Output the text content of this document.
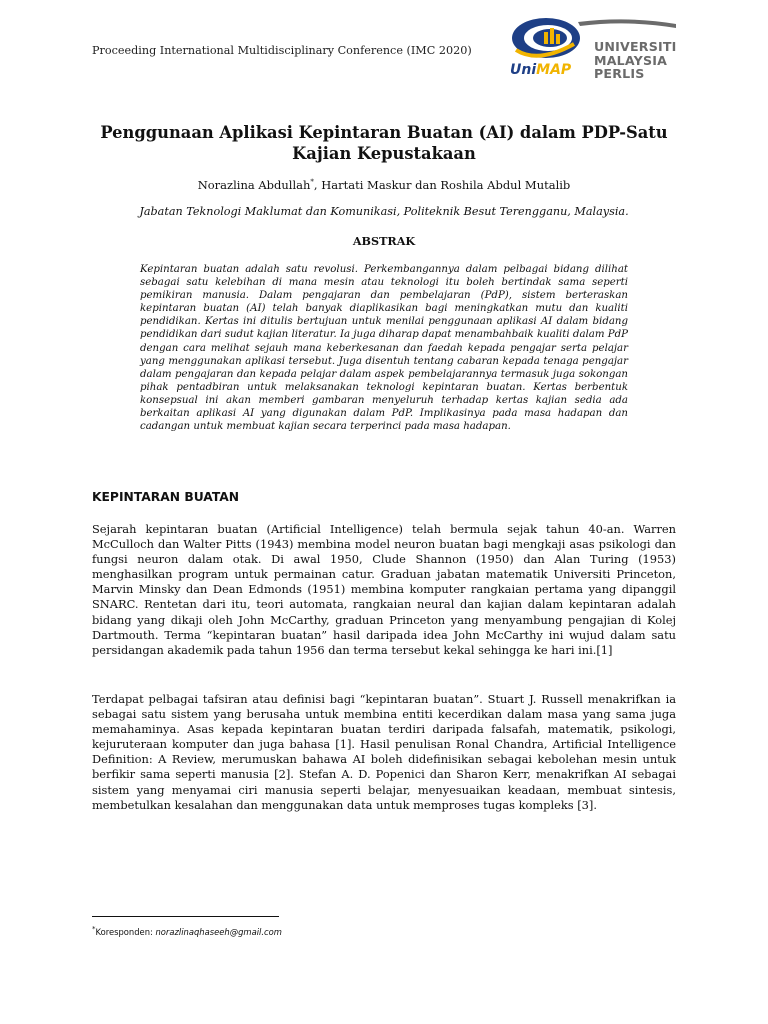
Proceeding International Multidisciplinary Conference (IMC 2020)
UniMAP
UNIVERSITI
MALAYSIA
PERLIS
Penggunaan Aplikasi Kepintaran Buatan (AI) dalam PDP-Satu Kajian Kepustakaan
Norazlina Abdullah*, Hartati Maskur dan Roshila Abdul Mutalib
Jabatan Teknologi Maklumat dan Komunikasi, Politeknik Besut Terengganu, Malaysia.
ABSTRAK
Kepintaran buatan adalah satu revolusi. Perkembangannya dalam pelbagai bidang dilihat sebagai satu kelebihan di mana mesin atau teknologi itu boleh bertindak sama seperti pemikiran manusia. Dalam pengajaran dan pembelajaran (PdP), sistem berteraskan kepintaran buatan (AI) telah banyak diaplikasikan bagi meningkatkan mutu dan kualiti pendidikan. Kertas ini ditulis bertujuan untuk menilai penggunaan aplikasi AI dalam bidang pendidikan dari sudut kajian literatur. Ia juga diharap dapat menambahbaik kualiti dalam PdP dengan cara melihat sejauh mana keberkesanan dan faedah kepada pengajar serta pelajar yang menggunakan aplikasi tersebut. Juga disentuh tentang cabaran kepada tenaga pengajar dalam pengajaran dan kepada pelajar dalam aspek pembelajarannya termasuk juga sokongan pihak pentadbiran untuk melaksanakan teknologi kepintaran buatan. Kertas berbentuk konsepsual ini akan memberi gambaran menyeluruh terhadap kertas kajian sedia ada berkaitan aplikasi AI yang digunakan dalam PdP. Implikasinya pada masa hadapan dan cadangan untuk membuat kajian secara terperinci pada masa hadapan.
KEPINTARAN BUATAN
Sejarah kepintaran buatan (Artificial Intelligence) telah bermula sejak tahun 40-an. Warren McCulloch dan Walter Pitts (1943) membina model neuron buatan bagi mengkaji asas psikologi dan fungsi neuron dalam otak. Di awal 1950, Clude Shannon (1950) dan Alan Turing (1953) menghasilkan program untuk permainan catur. Graduan jabatan matematik Universiti Princeton, Marvin Minsky dan Dean Edmonds (1951) membina komputer rangkaian pertama yang dipanggil SNARC. Rentetan dari itu, teori automata, rangkaian neural dan kajian dalam kepintaran adalah bidang yang dikaji oleh John McCarthy, graduan Princeton yang menyambung pengajian di Kolej Dartmouth. Terma “kepintaran buatan” hasil daripada idea John McCarthy ini wujud dalam satu persidangan akademik pada tahun 1956 dan terma tersebut kekal sehingga ke hari ini.[1]
Terdapat pelbagai tafsiran atau definisi bagi “kepintaran buatan”. Stuart J. Russell menakrifkan ia sebagai satu sistem yang berusaha untuk membina entiti kecerdikan dalam masa yang sama juga memahaminya. Asas kepada kepintaran buatan terdiri daripada falsafah, matematik, psikologi, kejuruteraan komputer dan juga bahasa [1]. Hasil penulisan Ronal Chandra, Artificial Intelligence Definition: A Review, merumuskan bahawa AI boleh didefinisikan sebagai kebolehan mesin untuk berfikir sama seperti manusia [2]. Stefan A. D. Popenici dan Sharon Kerr, menakrifkan AI sebagai sistem yang menyamai ciri manusia seperti belajar, menyesuaikan keadaan, membuat sintesis, membetulkan kesalahan dan menggunakan data untuk memproses tugas kompleks [3].
*Koresponden: norazlinaqhaseeh@gmail.com
